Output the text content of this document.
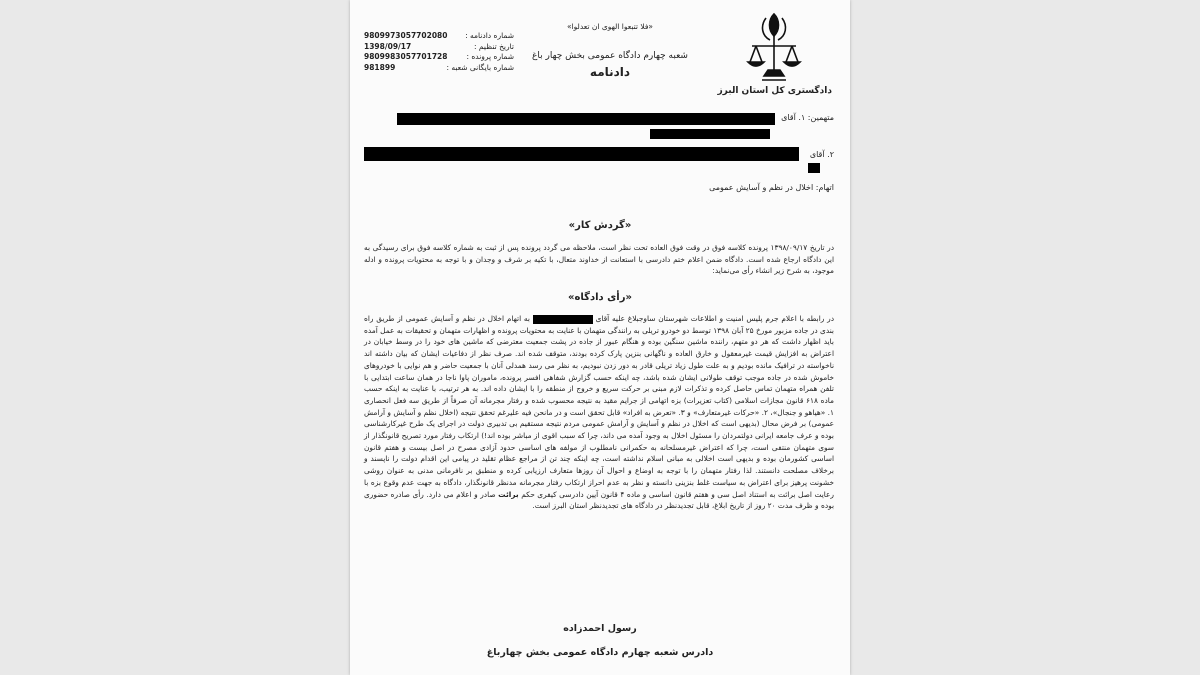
دادگستری کل استان البرز
«فلا تتبعوا الهوی ان تعدلوا»
شعبه چهارم دادگاه عمومی بخش چهار باغ
دادنامه
شماره دادنامه :
9809973057702080
تاریخ تنظیم :
1398/09/17
شماره پرونده :
9809983057701728
شماره بایگانی شعبه :
981899
متهمین: ۱. آقای
۲. آقای
اتهام: اخلال در نظم و آسایش عمومی
«گردش کار»
در تاریخ ۱۳۹۸/۰۹/۱۷ پرونده کلاسه فوق در وقت فوق العاده تحت نظر است، ملاحظه می گردد پرونده پس از ثبت به شماره کلاسه فوق برای رسیدگی به این دادگاه ارجاع شده است. دادگاه ضمن اعلام ختم دادرسی با استعانت از خداوند متعال، با تکیه بر شرف و وجدان و با توجه به محتویات پرونده و ادله موجود، به شرح زیر انشاء رأی می‌نماید:
«رأی دادگاه»
در رابطه با اعلام جرم پلیس امنیت و اطلاعات شهرستان ساوجبلاغ علیه آقای  به اتهام اخلال در نظم و آسایش عمومی از طریق راه بندی در جاده مزبور مورخ ۲۵ آبان ۱۳۹۸ توسط دو خودرو تریلی به رانندگی متهمان با عنایت به محتویات پرونده و اظهارات متهمان و تحقیقات به عمل آمده باید اظهار داشت که هر دو متهم، راننده ماشین سنگین بوده و هنگام عبور از جاده در پشت جمعیت معترضی که ماشین های خود را در وسط خیابان در اعتراض به افزایش قیمت غیرمعقول و خارق العاده و ناگهانی بنزین پارک کرده بودند، متوقف شده اند. صرف نظر از دفاعیات ایشان که بیان داشته اند ناخواسته در ترافیک مانده بودیم و به علت طول زیاد تریلی قادر به دور زدن نبودیم، به نظر می رسد همدلی آنان با جمعیت حاضر و هم نوایی با خودروهای خاموش شده در جاده موجب توقف طولانی ایشان شده باشد، چه اینکه حسب گزارش شفاهی افسر پرونده، ماموران پاوا ناجا در همان ساعت ابتدایی با تلفن همراه متهمان تماس حاصل کرده و تذکرات لازم مبنی بر حرکت سریع و خروج از منطقه را با ایشان داده اند. به هر ترتیب، با عنایت به اینکه حسب ماده ۶۱۸ قانون مجازات اسلامی (کتاب تعزیرات) بزه اتهامی از جرایم مقید به نتیجه محسوب شده و رفتار مجرمانه آن صرفاً از طریق سه فعل انحصاری ۱. «هیاهو و جنجال»، ۲. «حرکات غیرمتعارف» و ۳. «تعرض به افراد» قابل تحقق است و در مانحن فیه علیرغم تحقق نتیجه (اخلال نظم و آسایش و آرامش عمومی) بر فرض محال (بدیهی است که اخلال در نظم و آسایش و آرامش عمومی مردم نتیجه مستقیم بی تدبیری دولت در اجرای یک طرح غیرکارشناسی بوده و عرف جامعه ایرانی دولتمردان را مسئول اخلال به وجود آمده می داند، چرا که سبب اقوی از مباشر بوده اند!) ارتکاب رفتار مورد تصریح قانونگذار از سوی متهمان منتفی است، چرا که اعتراض غیرمسلحانه به حکمرانی نامطلوب از مولفه های اساسی حدود آزادی مصرح در اصل بیست و هفتم قانون اساسی کشورمان بوده و بدیهی است اخلالی به مبانی اسلام نداشته است، چه اینکه چند تن از مراجع عظام تقلید در پیامی این اقدام دولت را ناپسند و برخلاف مصلحت دانستند. لذا رفتار متهمان را با توجه به اوضاع و احوال آن روزها متعارف ارزیابی کرده و منطبق بر نافرمانی مدنی به عنوان روشی خشونت پرهیز برای اعتراض به سیاست غلط بنزینی دانسته و نظر به عدم احراز ارتکاب رفتار مجرمانه مدنظر قانونگذار، دادگاه به جهت عدم وقوع بزه با رعایت اصل برائت به استناد اصل سی و هفتم قانون اساسی و ماده ۴ قانون آیین دادرسی کیفری حکم برائت صادر و اعلام می دارد. رأی صادره حضوری بوده و ظرف مدت ۲۰ روز از تاریخ ابلاغ، قابل تجدیدنظر در دادگاه های تجدیدنظر استان البرز است.
رسول احمدزاده
دادرس شعبه چهارم دادگاه عمومی بخش چهارباغ
